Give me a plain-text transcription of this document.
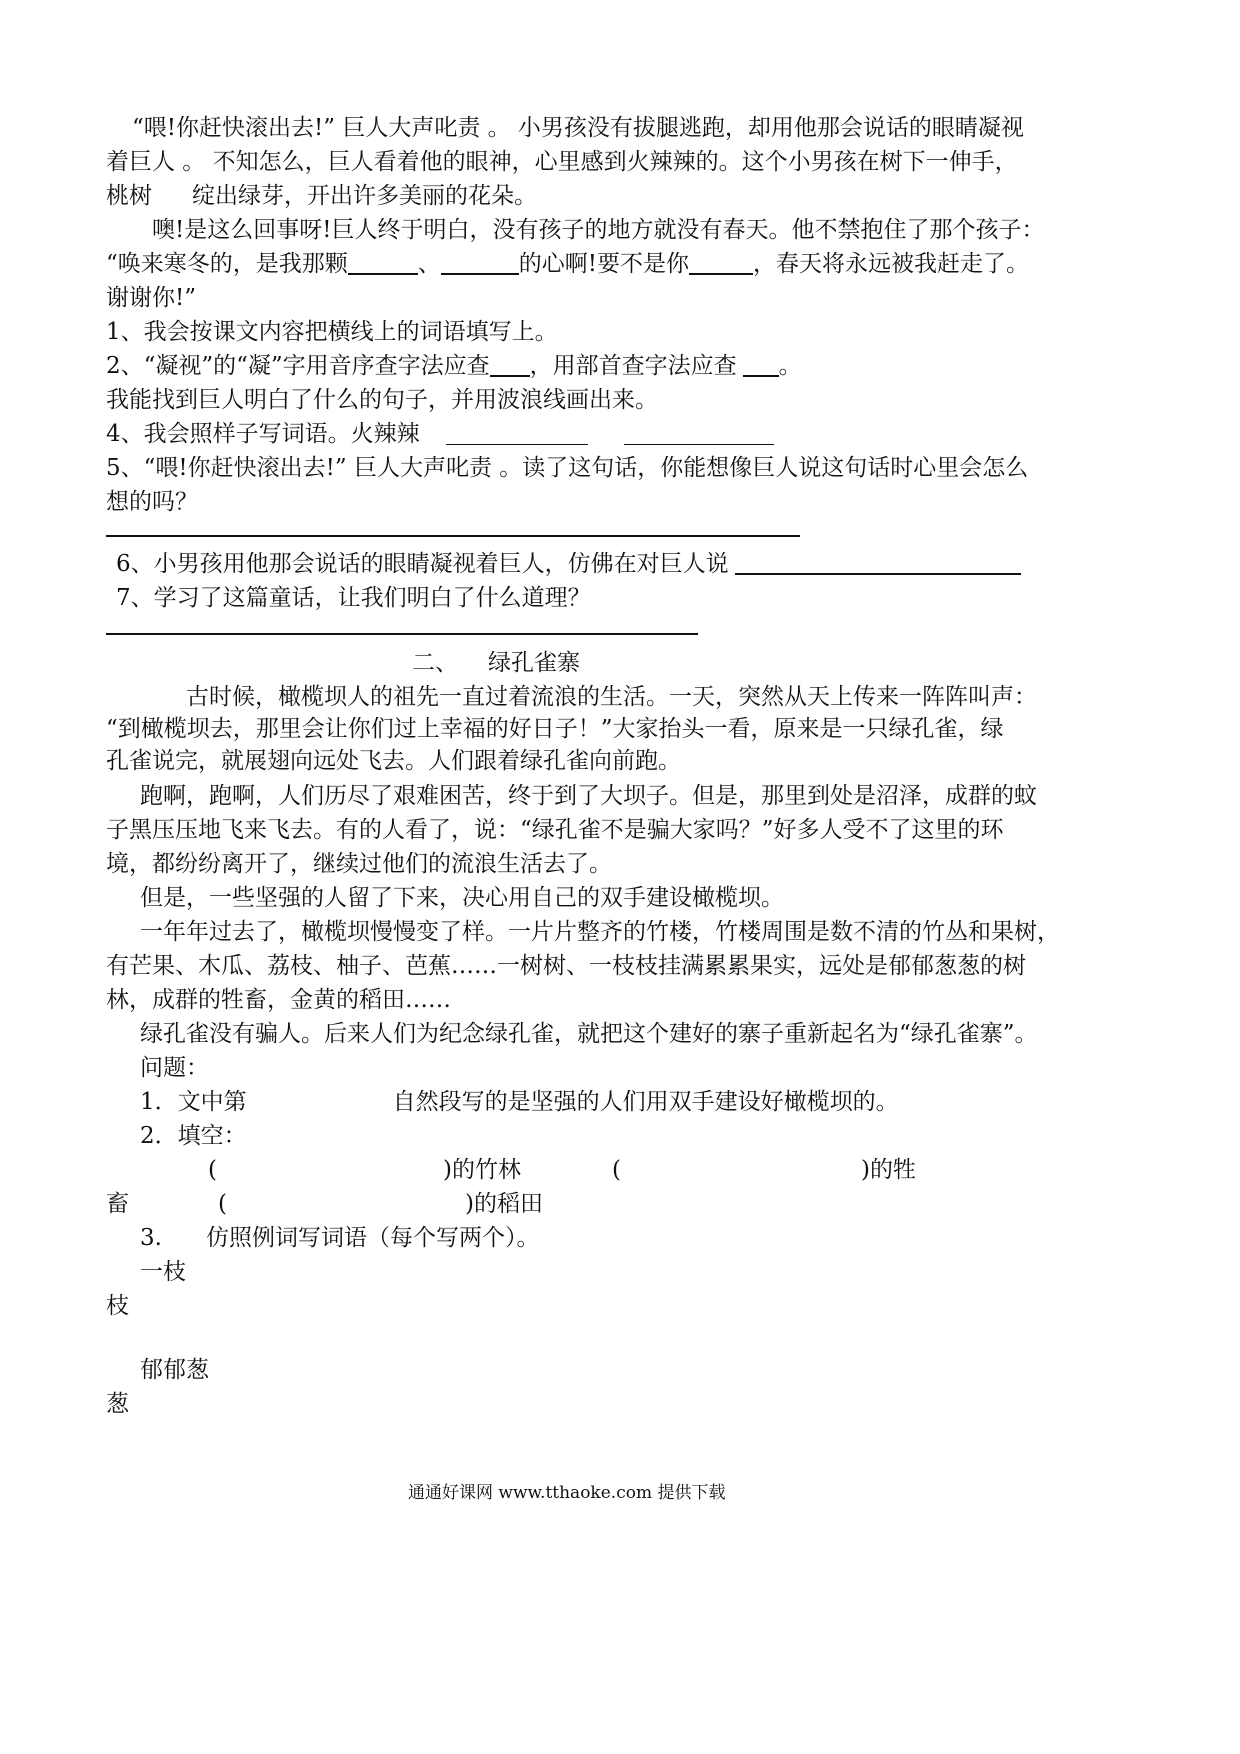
“喂!你赶快滚出去!” 巨人大声叱责 。 小男孩没有拔腿逃跑，却用他那会说话的眼睛凝视
着巨人 。 不知怎么，巨人看着他的眼神，心里感到火辣辣的。这个小男孩在树下一伸手，
桃树 绽出绿芽，开出许多美丽的花朵。
噢!是这么回事呀!巨人终于明白，没有孩子的地方就没有春天。他不禁抱住了那个孩子：
“唤来寒冬的，是我那颗	、	的心啊!要不是你	，春天将永远被我赶走了。
谢谢你!”
1、我会按课文内容把横线上的词语填写上。
2、“凝视”的“凝”字用音序查字法应查 ，用部首查字法应查 。
我能找到巨人明白了什么的句子，并用波浪线画出来。
4、我会照样子写词语。火辣辣
5、“喂!你赶快滚出去!” 巨人大声叱责 。读了这句话，你能想像巨人说这句话时心里会怎么
想的吗？
6、小男孩用他那会说话的眼睛凝视着巨人，仿佛在对巨人说
7、学习了这篇童话，让我们明白了什么道理？
二、 绿孔雀寨
古时候，橄榄坝人的祖先一直过着流浪的生活。一天，突然从天上传来一阵阵叫声：
“到橄榄坝去，那里会让你们过上幸福的好日子！”大家抬头一看，原来是一只绿孔雀，绿
孔雀说完，就展翅向远处飞去。人们跟着绿孔雀向前跑。
跑啊，跑啊，人们历尽了艰难困苦，终于到了大坝子。但是，那里到处是沼泽，成群的蚊
子黑压压地飞来飞去。有的人看了，说：“绿孔雀不是骗大家吗？”好多人受不了这里的环
境，都纷纷离开了，继续过他们的流浪生活去了。
但是，一些坚强的人留了下来，决心用自己的双手建设橄榄坝。
一年年过去了，橄榄坝慢慢变了样。一片片整齐的竹楼，竹楼周围是数不清的竹丛和果树，
有芒果、木瓜、荔枝、柚子、芭蕉……一树树、一枝枝挂满累累果实，远处是郁郁葱葱的树
林，成群的牲畜，金黄的稻田……
绿孔雀没有骗人。后来人们为纪念绿孔雀，就把这个建好的寨子重新起名为“绿孔雀寨”。
问题：
1．文中第	自然段写的是坚强的人们用双手建设好橄榄坝的。
2．填空：
(	)的竹林	(	)的牲
畜	(	)的稻田
3. 仿照例词写词语（每个写两个）。
一枝
枝
郁郁葱
葱
通通好课网 www.tthaoke.com 提供下载
